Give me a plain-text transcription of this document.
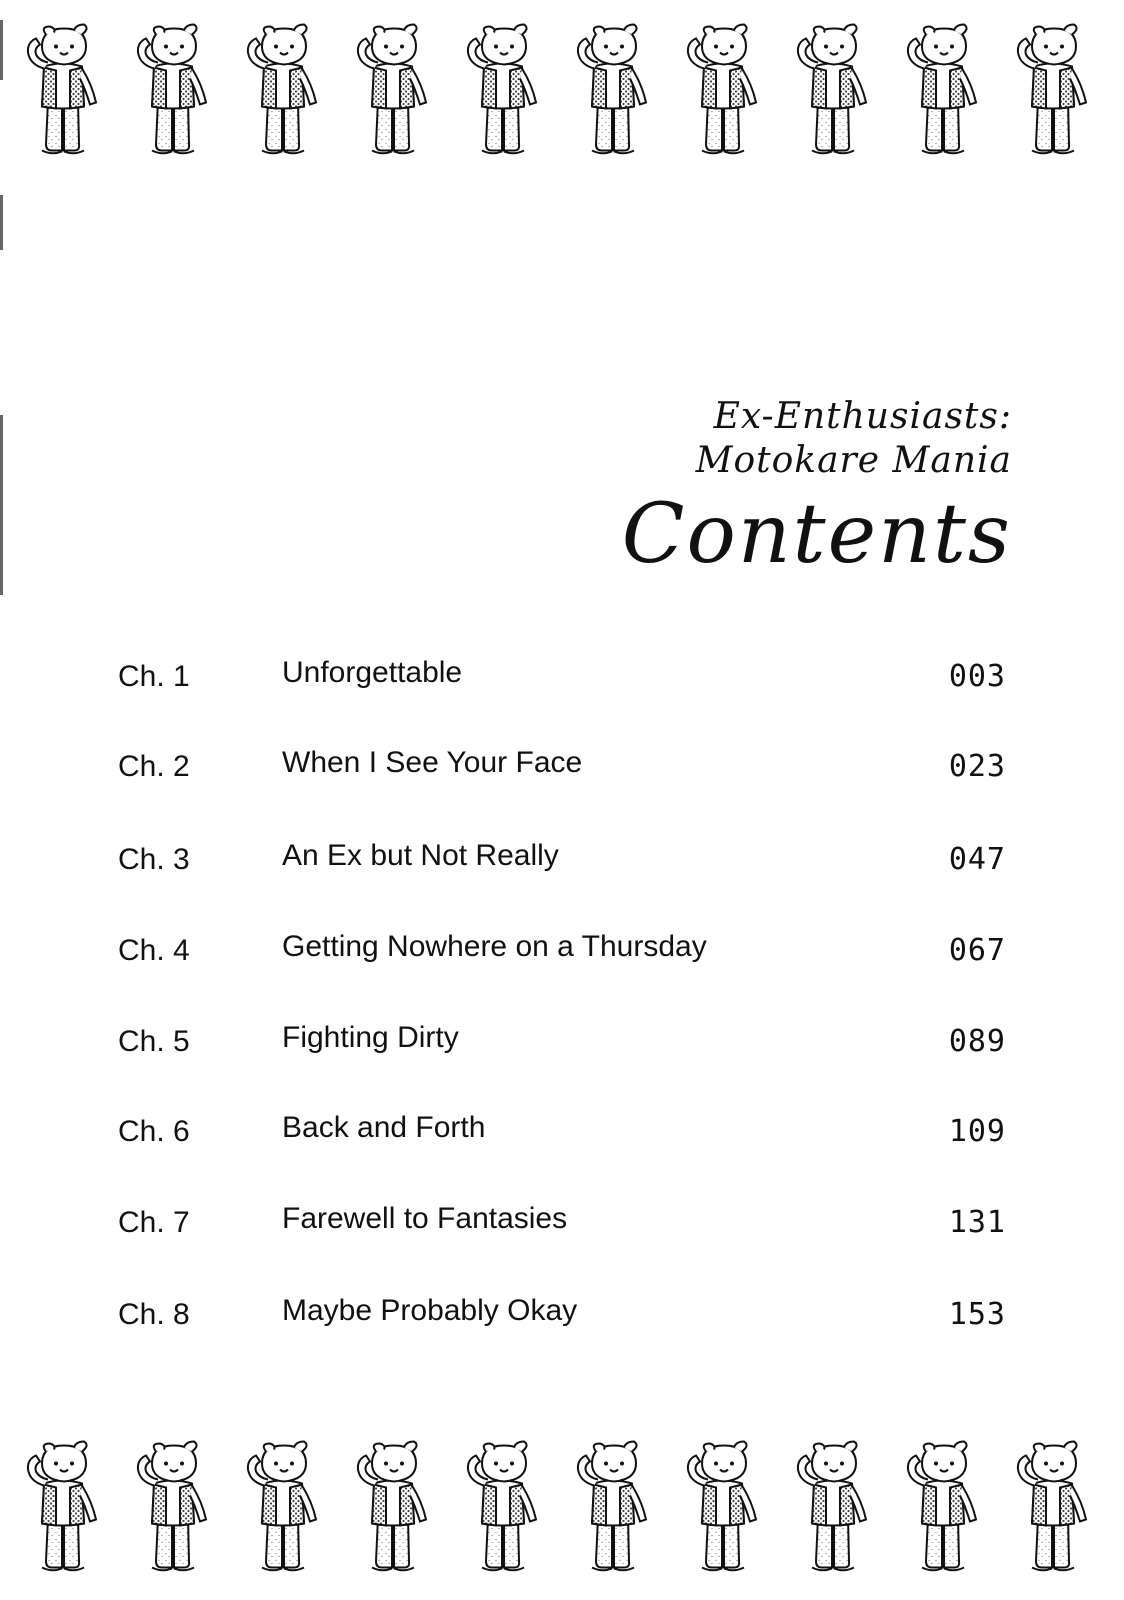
Ex-Enthusiasts:
Motokare Mania
Contents
Ch. 1	Unforgettable	003
Ch. 2	When I See Your Face	023
Ch. 3	An Ex but Not Really	047
Ch. 4	Getting Nowhere on a Thursday	067
Ch. 5	Fighting Dirty	089
Ch. 6	Back and Forth	109
Ch. 7	Farewell to Fantasies	131
Ch. 8	Maybe Probably Okay	153
